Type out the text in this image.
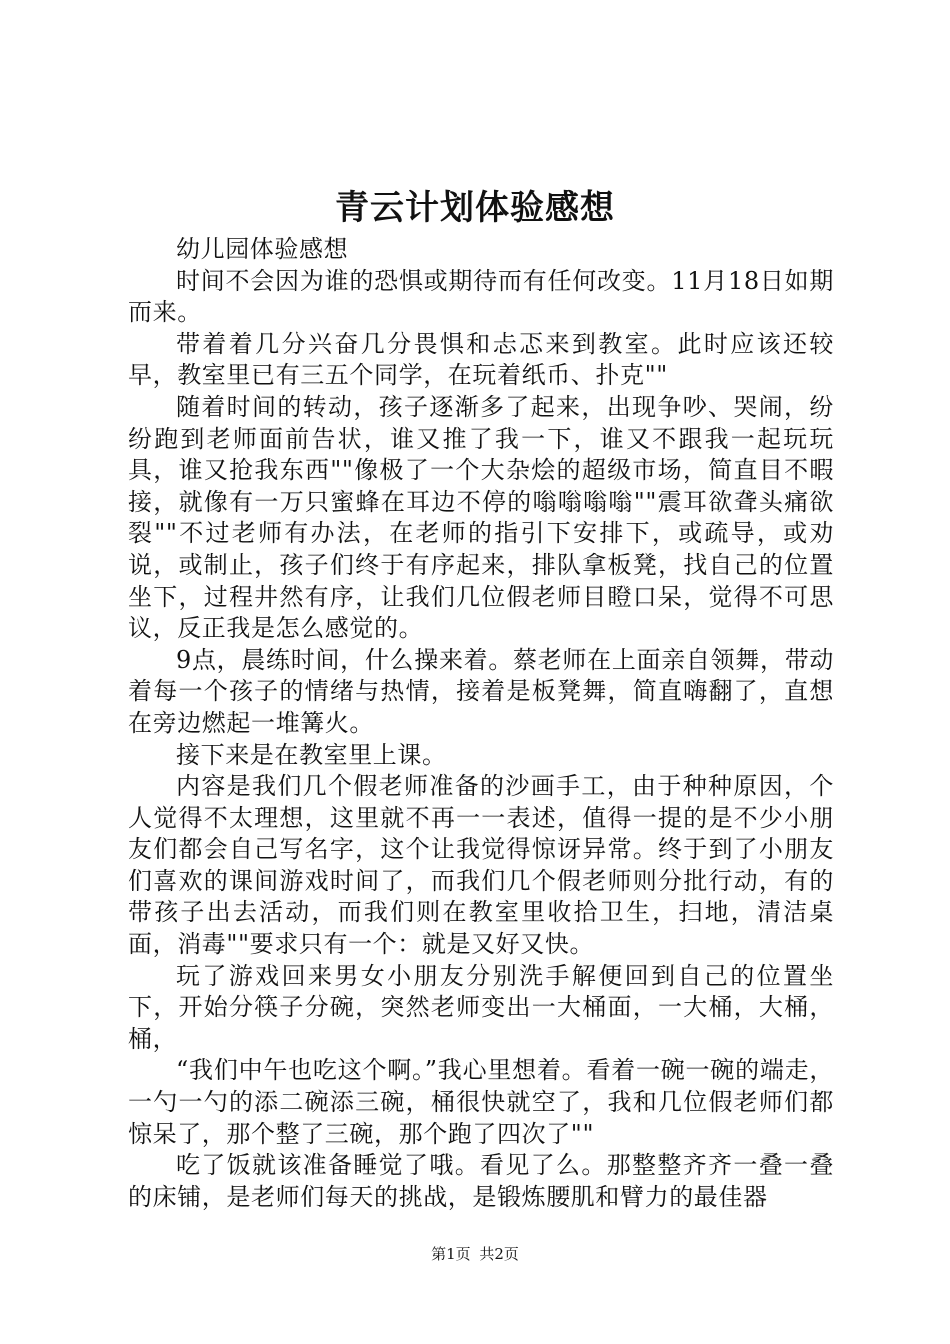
青云计划体验感想

幼儿园体验感想

时间不会因为谁的恐惧或期待而有任何改变。11月18日如期而来。

带着着几分兴奋几分畏惧和忐忑来到教室。此时应该还较早，教室里已有三五个同学，在玩着纸币、扑克""

随着时间的转动，孩子逐渐多了起来，出现争吵、哭闹，纷纷跑到老师面前告状，谁又推了我一下，谁又不跟我一起玩玩具，谁又抢我东西""像极了一个大杂烩的超级市场，简直目不暇接，就像有一万只蜜蜂在耳边不停的嗡嗡嗡嗡""震耳欲聋头痛欲裂""不过老师有办法，在老师的指引下安排下，或疏导，或劝说，或制止，孩子们终于有序起来，排队拿板凳，找自己的位置坐下，过程井然有序，让我们几位假老师目瞪口呆，觉得不可思议，反正我是怎么感觉的。

9点，晨练时间，什么操来着。蔡老师在上面亲自领舞，带动着每一个孩子的情绪与热情，接着是板凳舞，简直嗨翻了，直想在旁边燃起一堆篝火。

接下来是在教室里上课。

内容是我们几个假老师准备的沙画手工，由于种种原因，个人觉得不太理想，这里就不再一一表述，值得一提的是不少小朋友们都会自己写名字，这个让我觉得惊讶异常。终于到了小朋友们喜欢的课间游戏时间了，而我们几个假老师则分批行动，有的带孩子出去活动，而我们则在教室里收拾卫生，扫地，清洁桌面，消毒""要求只有一个：就是又好又快。

玩了游戏回来男女小朋友分别洗手解便回到自己的位置坐下，开始分筷子分碗，突然老师变出一大桶面，一大桶，大桶，桶，

“我们中午也吃这个啊。”我心里想着。看着一碗一碗的端走，一勺一勺的添二碗添三碗，桶很快就空了，我和几位假老师们都惊呆了，那个整了三碗，那个跑了四次了""

吃了饭就该准备睡觉了哦。看见了么。那整整齐齐一叠一叠的床铺，是老师们每天的挑战，是锻炼腰肌和臂力的最佳器

第1页 共2页
